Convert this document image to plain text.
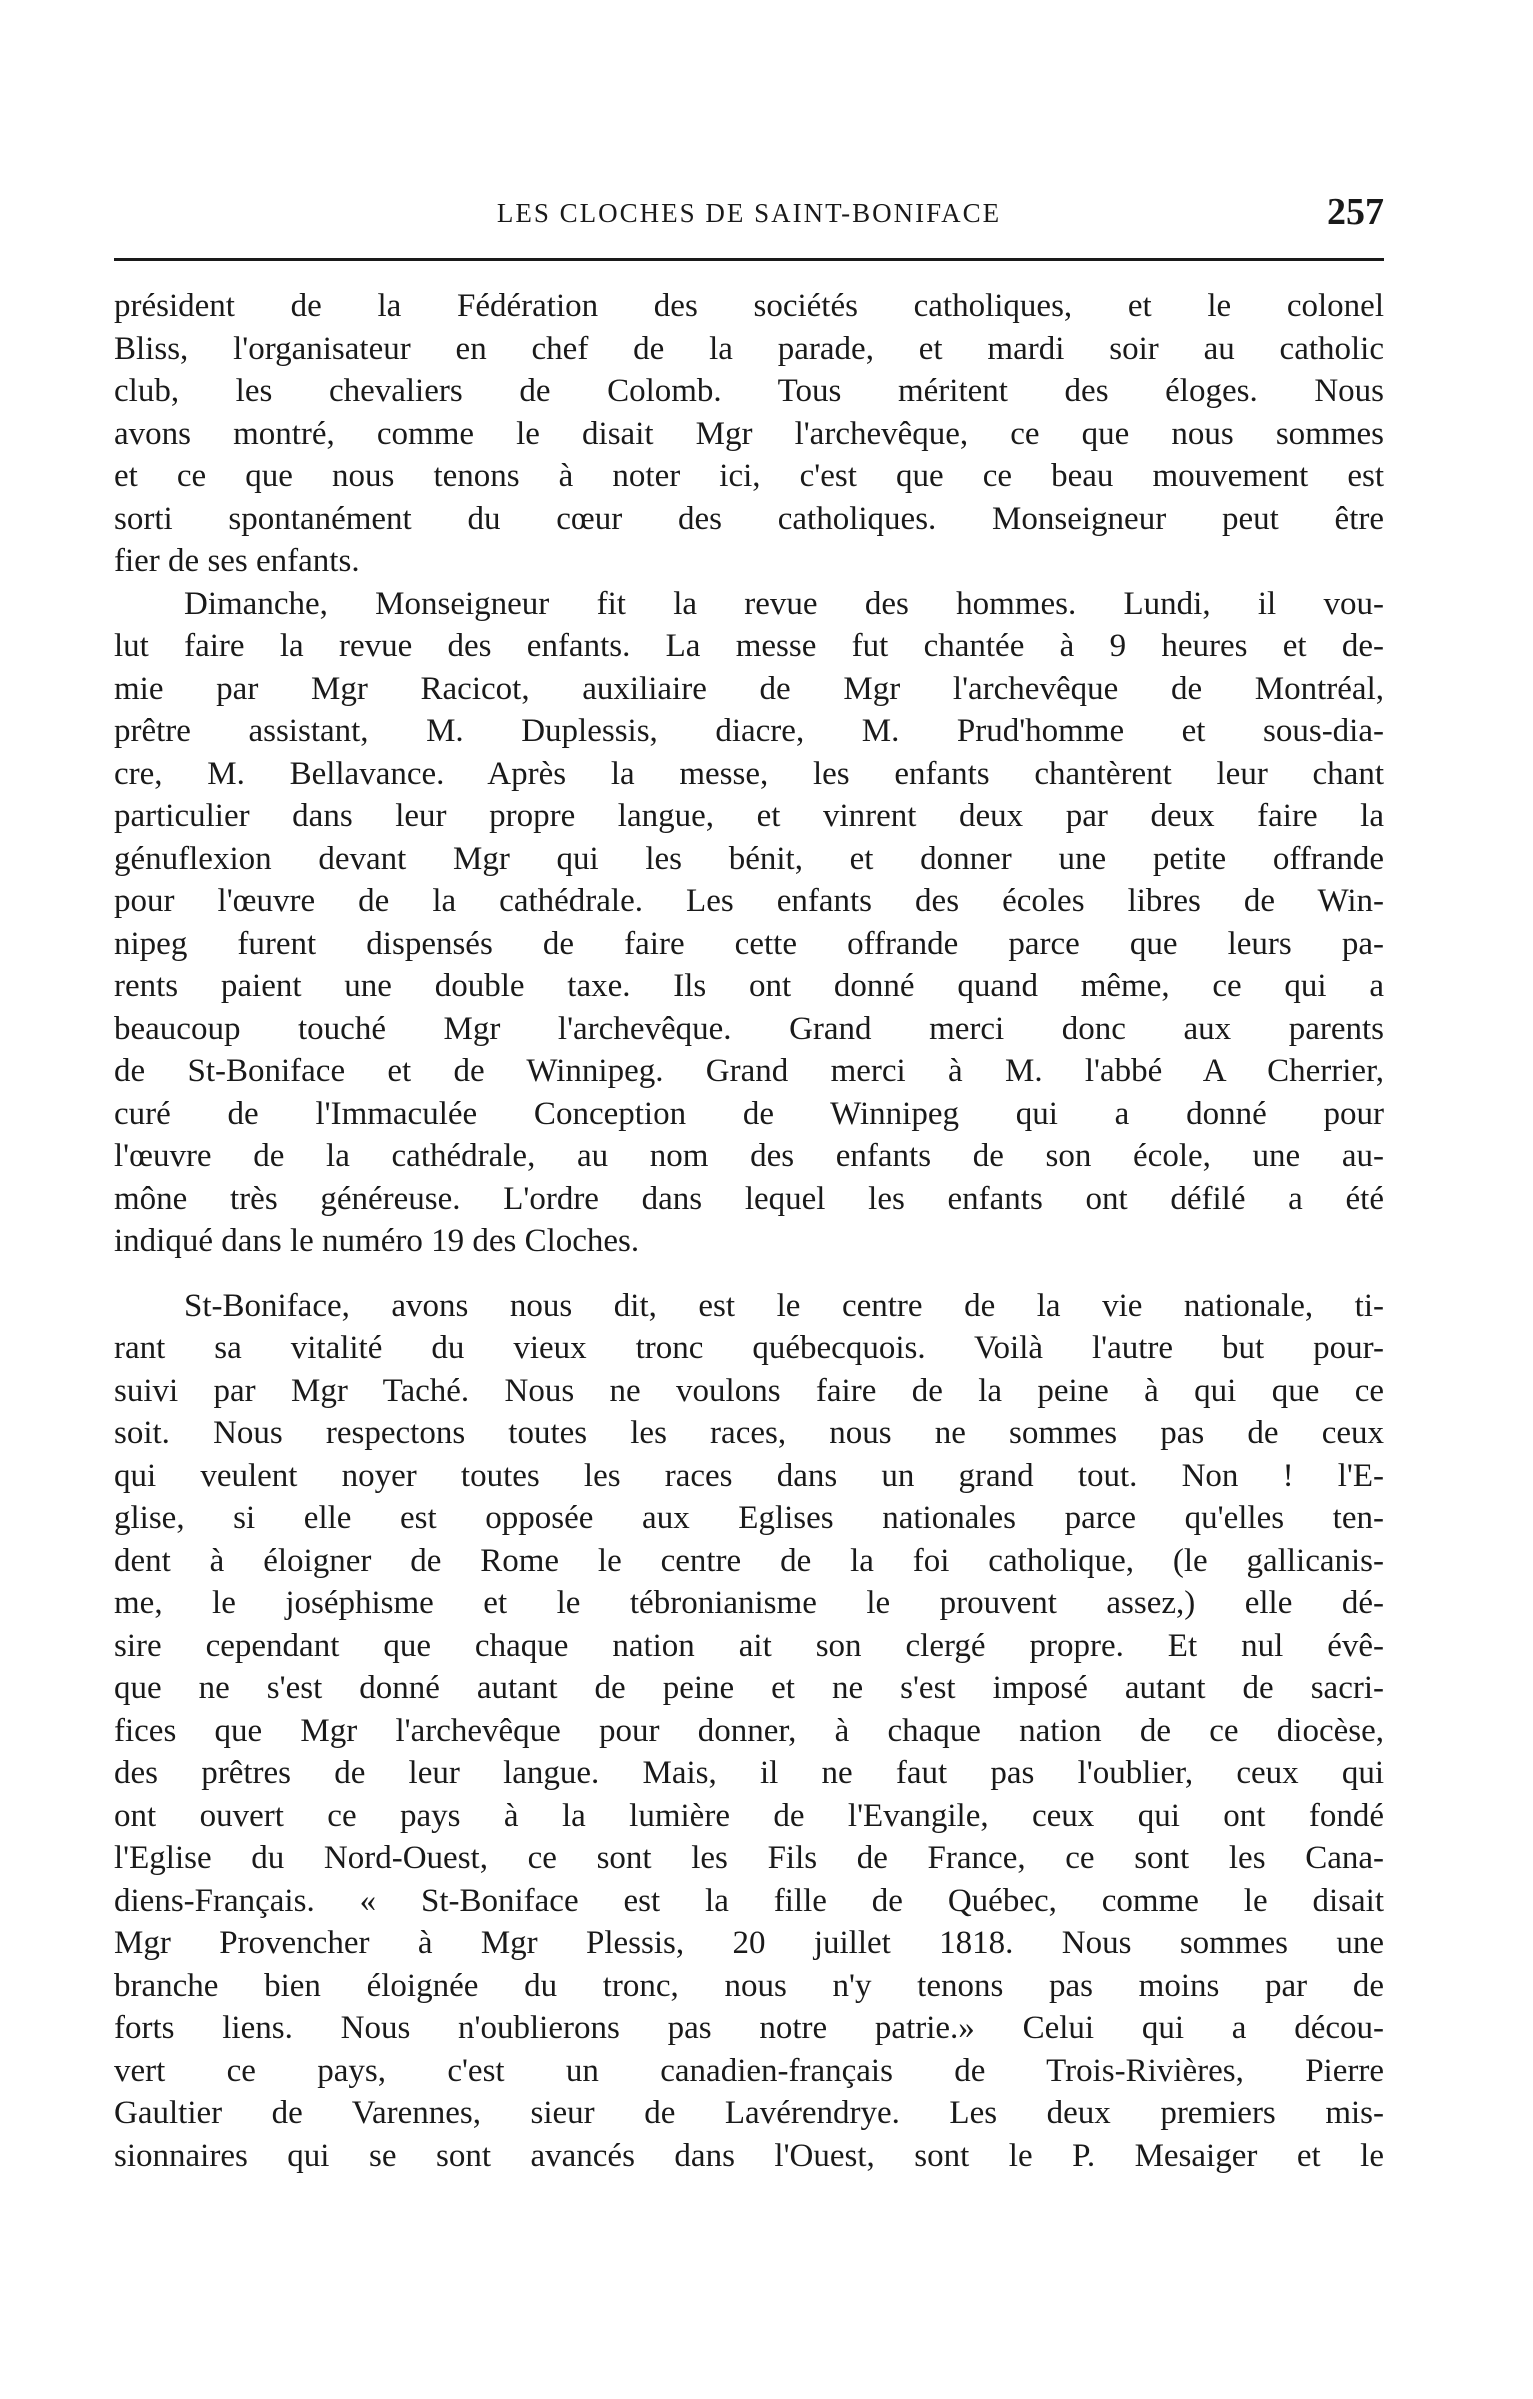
LES CLOCHES DE SAINT-BONIFACE	257
président de la Fédération des sociétés catholiques, et le colonel
Bliss, l'organisateur en chef de la parade, et mardi soir au catholic
club, les chevaliers de Colomb. Tous méritent des éloges. Nous
avons montré, comme le disait Mgr l'archevêque, ce que nous sommes
et ce que nous tenons à noter ici, c'est que ce beau mouvement est
sorti spontanément du cœur des catholiques. Monseigneur peut être
fier de ses enfants.
Dimanche, Monseigneur fit la revue des hommes. Lundi, il vou-
lut faire la revue des enfants. La messe fut chantée à 9 heures et de-
mie par Mgr Racicot, auxiliaire de Mgr l'archevêque de Montréal,
prêtre assistant, M. Duplessis, diacre, M. Prud'homme et sous-dia-
cre, M. Bellavance. Après la messe, les enfants chantèrent leur chant
particulier dans leur propre langue, et vinrent deux par deux faire la
génuflexion devant Mgr qui les bénit, et donner une petite offrande
pour l'œuvre de la cathédrale. Les enfants des écoles libres de Win-
nipeg furent dispensés de faire cette offrande parce que leurs pa-
rents paient une double taxe. Ils ont donné quand même, ce qui a
beaucoup touché Mgr l'archevêque. Grand merci donc aux parents
de St-Boniface et de Winnipeg. Grand merci à M. l'abbé A Cherrier,
curé de l'Immaculée Conception de Winnipeg qui a donné pour
l'œuvre de la cathédrale, au nom des enfants de son école, une au-
mône très généreuse. L'ordre dans lequel les enfants ont défilé a été
indiqué dans le numéro 19 des Cloches.
St-Boniface, avons nous dit, est le centre de la vie nationale, ti-
rant sa vitalité du vieux tronc québecquois. Voilà l'autre but pour-
suivi par Mgr Taché. Nous ne voulons faire de la peine à qui que ce
soit. Nous respectons toutes les races, nous ne sommes pas de ceux
qui veulent noyer toutes les races dans un grand tout. Non ! l'E-
glise, si elle est opposée aux Eglises nationales parce qu'elles ten-
dent à éloigner de Rome le centre de la foi catholique, (le gallicanis-
me, le joséphisme et le tébronianisme le prouvent assez,) elle dé-
sire cependant que chaque nation ait son clergé propre. Et nul évê-
que ne s'est donné autant de peine et ne s'est imposé autant de sacri-
fices que Mgr l'archevêque pour donner, à chaque nation de ce diocèse,
des prêtres de leur langue. Mais, il ne faut pas l'oublier, ceux qui
ont ouvert ce pays à la lumière de l'Evangile, ceux qui ont fondé
l'Eglise du Nord-Ouest, ce sont les Fils de France, ce sont les Cana-
diens-Français. « St-Boniface est la fille de Québec, comme le disait
Mgr Provencher à Mgr Plessis, 20 juillet 1818. Nous sommes une
branche bien éloignée du tronc, nous n'y tenons pas moins par de
forts liens. Nous n'oublierons pas notre patrie.» Celui qui a décou-
vert ce pays, c'est un canadien-français de Trois-Rivières, Pierre
Gaultier de Varennes, sieur de Lavérendrye. Les deux premiers mis-
sionnaires qui se sont avancés dans l'Ouest, sont le P. Mesaiger et le
